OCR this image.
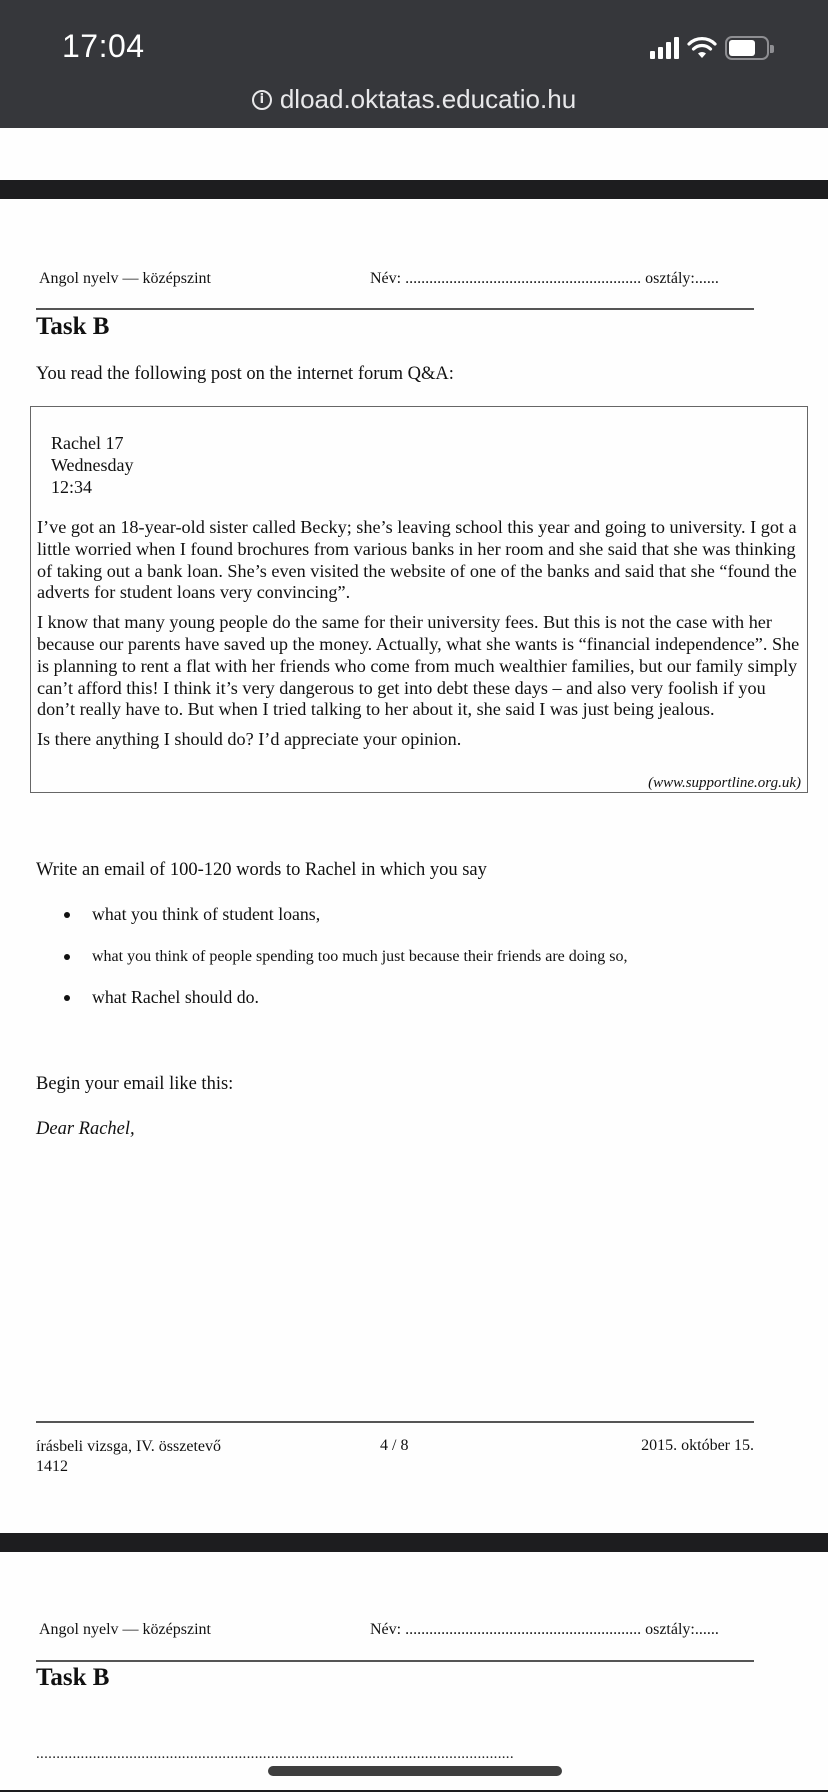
17:04
i dload.oktatas.educatio.hu
Angol nyelv — középszint	Név: ........................................................... osztály:......
Task B
You read the following post on the internet forum Q&A:
Rachel 17
Wednesday
12:34

I’ve got an 18-year-old sister called Becky; she’s leaving school this year and going to university. I got a little worried when I found brochures from various banks in her room and she said that she was thinking of taking out a bank loan. She’s even visited the website of one of the banks and said that she “found the adverts for student loans very convincing”.

I know that many young people do the same for their university fees. But this is not the case with her because our parents have saved up the money. Actually, what she wants is “financial independence”. She is planning to rent a flat with her friends who come from much wealthier families, but our family simply can’t afford this! I think it’s very dangerous to get into debt these days – and also very foolish if you don’t really have to. But when I tried talking to her about it, she said I was just being jealous.

Is there anything I should do? I’d appreciate your opinion.

(www.supportline.org.uk)
Write an email of 100-120 words to Rachel in which you say
what you think of student loans,
what you think of people spending too much just because their friends are doing so,
what Rachel should do.
Begin your email like this:
Dear Rachel,
írásbeli vizsga, IV. összetevő
1412
4 / 8	2015. október 15.
Angol nyelv — középszint	Név: ........................................................... osztály:......
Task B
......................................................................................................................
